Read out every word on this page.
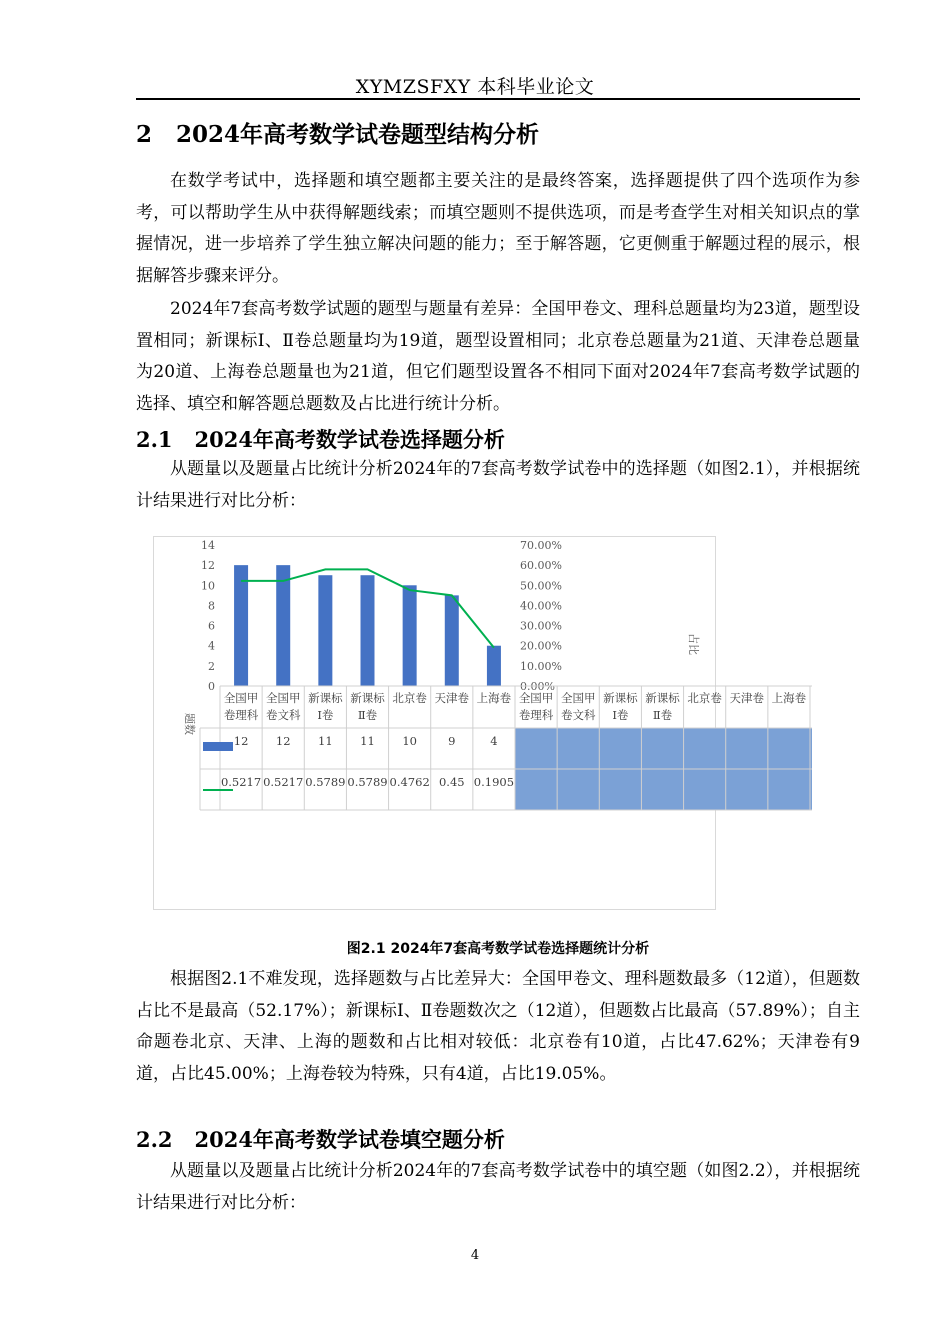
XYMZSFXY 本科毕业论文
2 2024年高考数学试卷题型结构分析
在数学考试中，选择题和填空题都主要关注的是最终答案，选择题提供了四个选项作为参考，可以帮助学生从中获得解题线索；而填空题则不提供选项，而是考查学生对相关知识点的掌握情况，进一步培养了学生独立解决问题的能力；至于解答题，它更侧重于解题过程的展示，根据解答步骤来评分。
2024年7套高考数学试题的题型与题量有差异：全国甲卷文、理科总题量均为23道，题型设置相同；新课标Ⅰ、Ⅱ卷总题量均为19道，题型设置相同；北京卷总题量为21道、天津卷总题量为20道、上海卷总题量也为21道，但它们题型设置各不相同下面对2024年7套高考数学试题的选择、填空和解答题总题数及占比进行统计分析。
2.1 2024年高考数学试卷选择题分析
从题量以及题量占比统计分析2024年的7套高考数学试卷中的选择题（如图2.1），并根据统计结果进行对比分析：
0
2
4
6
8
10
12
14
0.00%
10.00%
20.00%
30.00%
40.00%
50.00%
60.00%
70.00%
题数
占比
全国甲
卷理科
全国甲
卷文科
新课标
Ⅰ卷
新课标
Ⅱ卷
北京卷 天津卷 上海卷 全国甲
卷理科
全国甲
卷文科
新课标
Ⅰ卷
新课标
Ⅱ卷
北京卷 天津卷 上海卷
12 12 11 11 10	9	4
0.5217 0.5217 0.5789 0.5789 0.4762 0.45 0.1905
图2.1 2024年7套高考数学试卷选择题统计分析
根据图2.1不难发现，选择题数与占比差异大：全国甲卷文、理科题数最多（12道），但题数占比不是最高（52.17%）；新课标Ⅰ、Ⅱ卷题数次之（12道），但题数占比最高（57.89%）；自主命题卷北京、天津、上海的题数和占比相对较低：北京卷有10道，占比47.62%；天津卷有9道，占比45.00%；上海卷较为特殊，只有4道，占比19.05%。
2.2 2024年高考数学试卷填空题分析
从题量以及题量占比统计分析2024年的7套高考数学试卷中的填空题（如图2.2），并根据统计结果进行对比分析：
4
